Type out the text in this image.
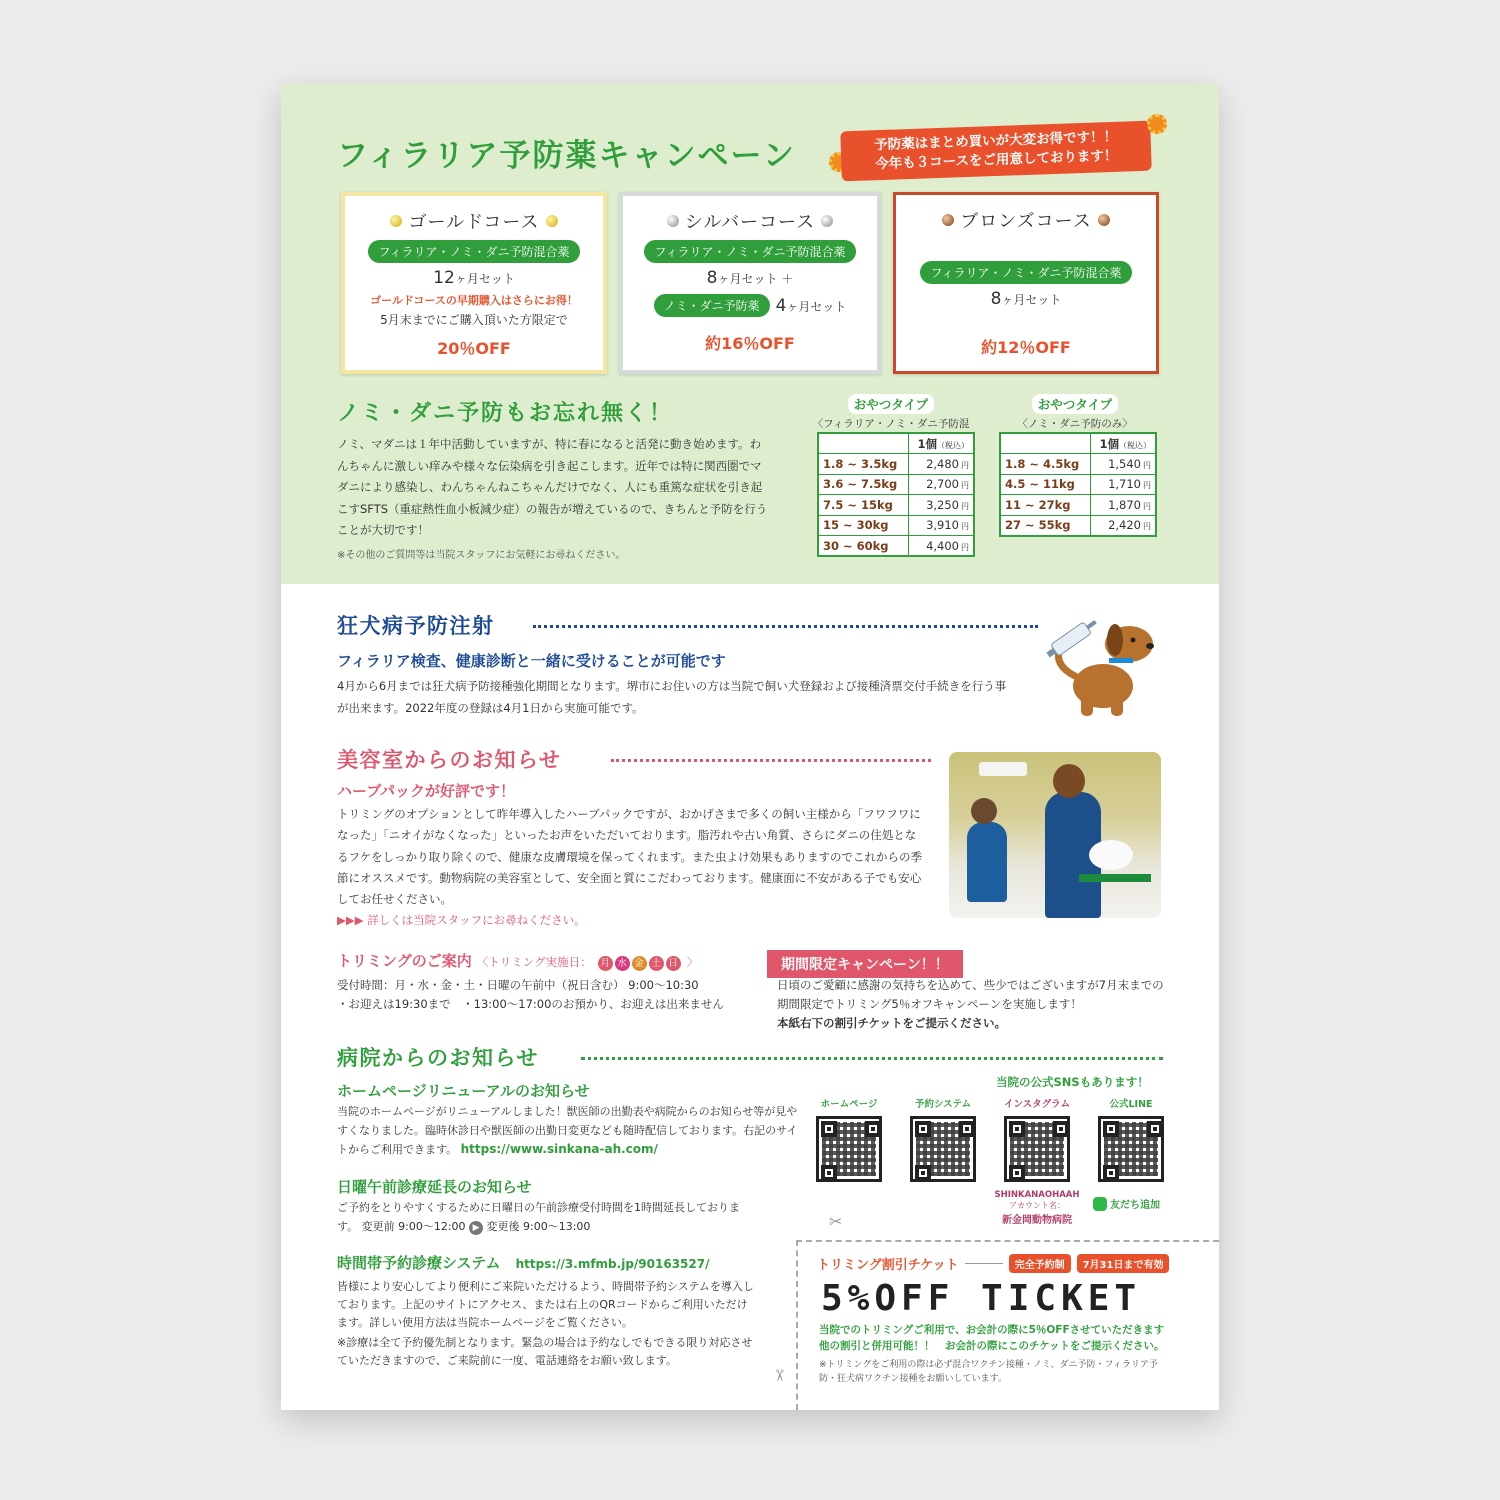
フィラリア予防薬キャンペーン	予防薬はまとめ買いが大変お得です！！
今年も３コースをご用意しております！
ゴールドコース
フィラリア・ノミ・ダニ予防混合薬
12ヶ月セット
ゴールドコースの早期購入はさらにお得！
5月末までにご購入頂いた方限定で
20％OFF
シルバーコース
フィラリア・ノミ・ダニ予防混合薬
8ヶ月セット ＋
ノミ・ダニ予防薬 4ヶ月セット
約16％OFF
ブロンズコース
フィラリア・ノミ・ダニ予防混合薬
8ヶ月セット
約12％OFF
ノミ・ダニ予防もお忘れ無く！
ノミ、マダニは１年中活動していますが、特に春になると活発に動き始めます。わんちゃんに激しい痒みや様々な伝染病を引き起こします。近年では特に関西圏でマダニにより感染し、わんちゃんねこちゃんだけでなく、人にも重篤な症状を引き起こすSFTS（重症熱性血小板減少症）の報告が増えているので、きちんと予防を行うことが大切です！
※その他のご質問等は当院スタッフにお気軽にお尋ねください。
おやつタイプ
〈フィラリア・ノミ・ダニ予防混
	1個（税込）
1.8 ~ 3.5kg	2,480 円
3.6 ~ 7.5kg	2,700 円
7.5 ~ 15kg	3,250 円
15 ~ 30kg	3,910 円
30 ~ 60kg	4,400 円
おやつタイプ
〈ノミ・ダニ予防のみ〉
	1個（税込）
1.8 ~ 4.5kg	1,540 円
4.5 ~ 11kg	1,710 円
11 ~ 27kg	1,870 円
27 ~ 55kg	2,420 円
狂犬病予防注射
フィラリア検査、健康診断と一緒に受けることが可能です
4月から6月までは狂犬病予防接種強化期間となります。堺市にお住いの方は当院で飼い犬登録および接種済票交付手続きを行う事が出来ます。2022年度の登録は4月1日から実施可能です。
美容室からのお知らせ
ハーブパックが好評です！
トリミングのオプションとして昨年導入したハーブパックですが、おかげさまで多くの飼い主様から「フワフワになった」「ニオイがなくなった」といったお声をいただいております。脂汚れや古い角質、さらにダニの住処となるフケをしっかり取り除くので、健康な皮膚環境を保ってくれます。また虫よけ効果もありますのでこれからの季節にオススメです。動物病院の美容室として、安全面と質にこだわっております。健康面に不安がある子でも安心してお任せください。
▶▶▶ 詳しくは当院スタッフにお尋ねください。
トリミングのご案内 〈トリミング実施日： 月 水 金 土 日 〉
受付時間：月・水・金・土・日曜の午前中（祝日含む） 9:00〜10:30
・お迎えは19:30まで　・13:00〜17:00のお預かり、お迎えは出来ません
期間限定キャンペーン！！
日頃のご愛顧に感謝の気持ちを込めて、些少ではございますが7月末までの期間限定でトリミング5％オフキャンペーンを実施します！
本紙右下の割引チケットをご提示ください。
病院からのお知らせ
ホームページリニューアルのお知らせ
当院のホームページがリニューアルしました！獣医師の出勤表や病院からのお知らせ等が見やすくなりました。臨時休診日や獣医師の出勤日変更なども随時配信しております。右記のサイトからご利用できます。 https://www.sinkana-ah.com/
日曜午前診療延長のお知らせ
ご予約をとりやすくするために日曜日の午前診療受付時間を1時間延長しております。 変更前 9:00〜12:00 ▶ 変更後 9:00〜13:00
時間帯予約診療システム https://3.mfmb.jp/90163527/
皆様により安心してより便利にご来院いただけるよう、時間帯予約システムを導入しております。上記のサイトにアクセス、または右上のQRコードからご利用いただけます。詳しい使用方法は当院ホームページをご覧ください。
※診療は全て予約優先制となります。緊急の場合は予約なしでもできる限り対応させていただきますので、ご来院前に一度、電話連絡をお願い致します。
当院の公式SNSもあります！
ホームページ	予約システム	インスタグラム	公式LINE
SHINKANAOHAAH
アカウント名：
新金岡動物病院
友だち追加
✂
✂
トリミング割引チケット	完全予約制	7月31日まで有効
5%OFF TICKET
当院でのトリミングご利用で、お会計の際に5％OFFさせていただきます
他の割引と併用可能！！　お会計の際にこのチケットをご提示ください。
※トリミングをご利用の際は必ず混合ワクチン接種・ノミ、ダニ予防・フィラリア予防・狂犬病ワクチン接種をお願いしています。
